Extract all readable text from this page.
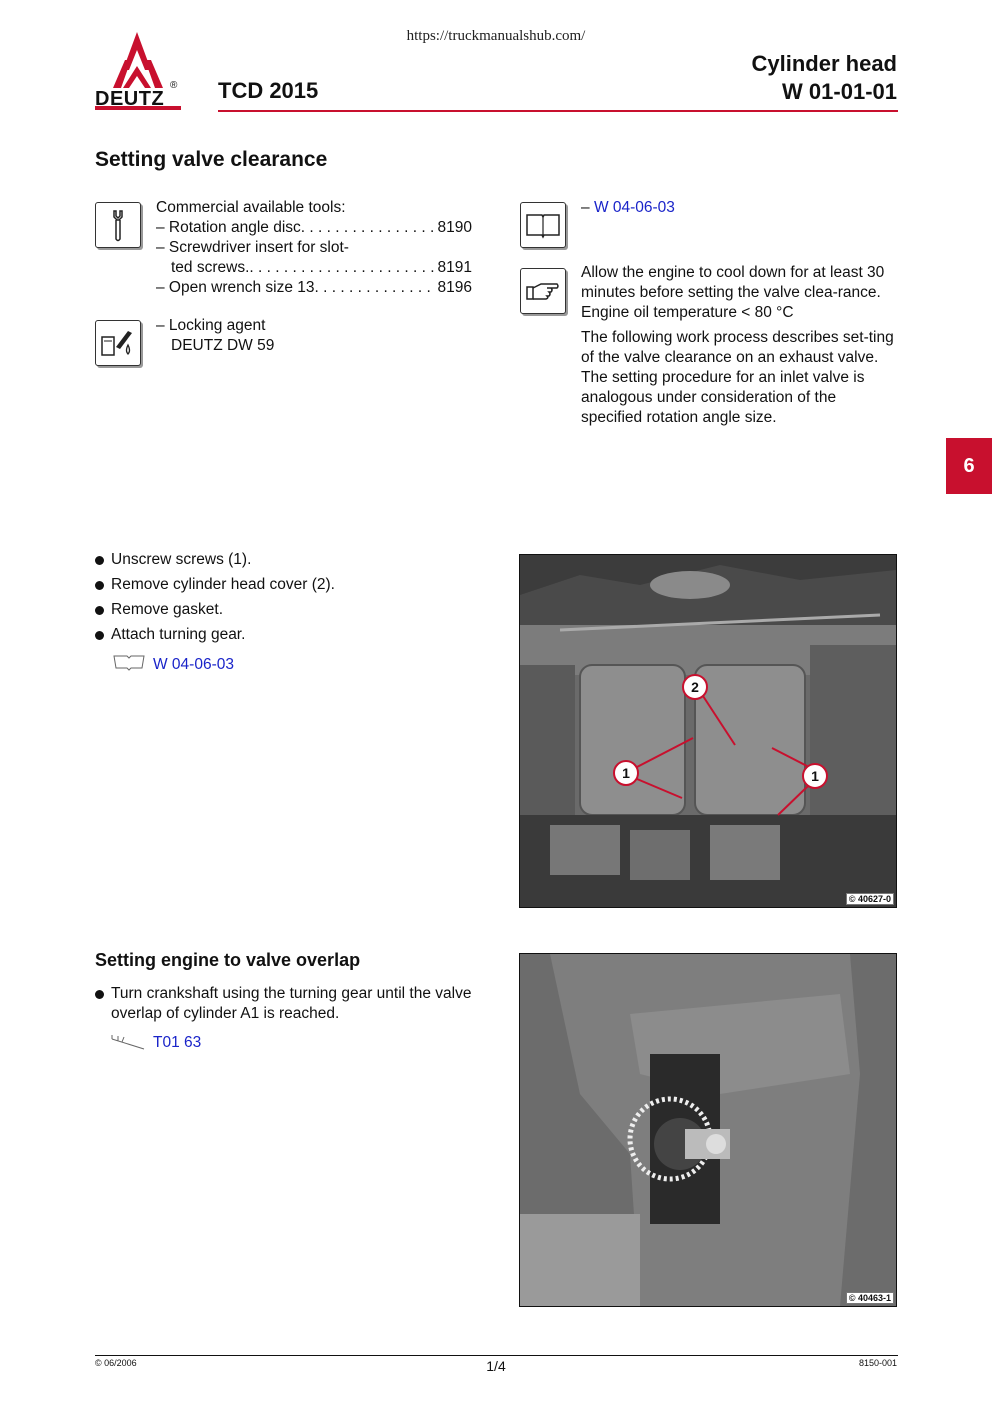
https://truckmanualshub.com/
DEUTZ
® TCD 2015
Cylinder head
W 01-01-01
Setting valve clearance
Commercial available tools:
– Rotation angle disc . . .	8190
– Screwdriver insert for slot-
ted screws. . . .	8191
– Open wrench size 13 . . .	8196
– Locking agent
DEUTZ DW 59
– W 04-06-03
Allow the engine to cool down for at least 30 minutes before setting the valve clea-rance. Engine oil temperature < 80 °C
The following work process describes set-ting of the valve clearance on an exhaust valve. The setting procedure for an inlet valve is analogous under consideration of the specified rotation angle size.
6
Unscrew screws (1).
Remove cylinder head cover (2).
Remove gasket.
Attach turning gear.
W 04-06-03
2
1	1
© 40627-0
Setting engine to valve overlap
Turn crankshaft using the turning gear until the valve overlap of cylinder A1 is reached.
T01 63
© 40463-1
© 06/2006	1/4	8150-001
